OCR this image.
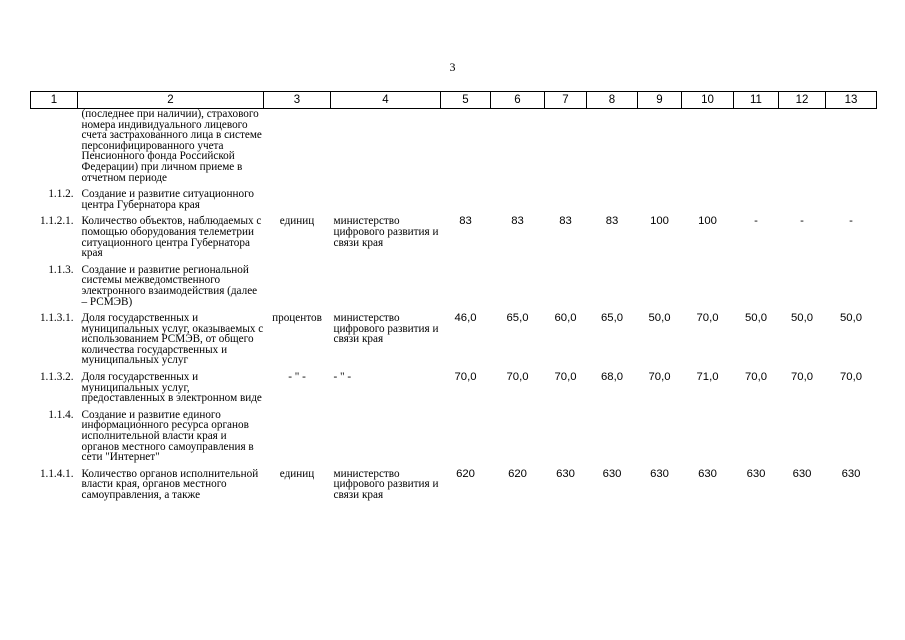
3
1	2	3	4	5	6	7	8	9	10	11	12	13
	(последнее при наличии), страхового номера индивидуального лицевого счета застрахованного лица в системе персонифицированного учета Пенсионного фонда Российской Федерации) при личном приеме в отчетном периоде											
1.1.2.	Создание и развитие ситуационного центра Губернатора края											
1.1.2.1.	Количество объектов, наблюдаемых с помощью оборудования телеметрии ситуационного центра Губернатора края	единиц	министерство цифрового развития и связи края	83	83	83	83	100	100	-	-	-
1.1.3.	Создание и развитие региональной системы межведомственного электронного взаимодействия (далее – РСМЭВ)											
1.1.3.1.	Доля государственных и муниципальных услуг, оказываемых с использованием РСМЭВ, от общего количества государственных и муниципальных услуг	процентов	министерство цифрового развития и связи края	46,0	65,0	60,0	65,0	50,0	70,0	50,0	50,0	50,0
1.1.3.2.	Доля государственных и муниципальных услуг, предоставленных в электронном виде	- " -	- " -	70,0	70,0	70,0	68,0	70,0	71,0	70,0	70,0	70,0
1.1.4.	Создание и развитие единого информационного ресурса органов исполнительной власти края и органов местного самоуправления в сети "Интернет"											
1.1.4.1.	Количество органов исполнительной власти края, органов местного самоуправления, а также	единиц	министерство цифрового развития и связи края	620	620	630	630	630	630	630	630	630
